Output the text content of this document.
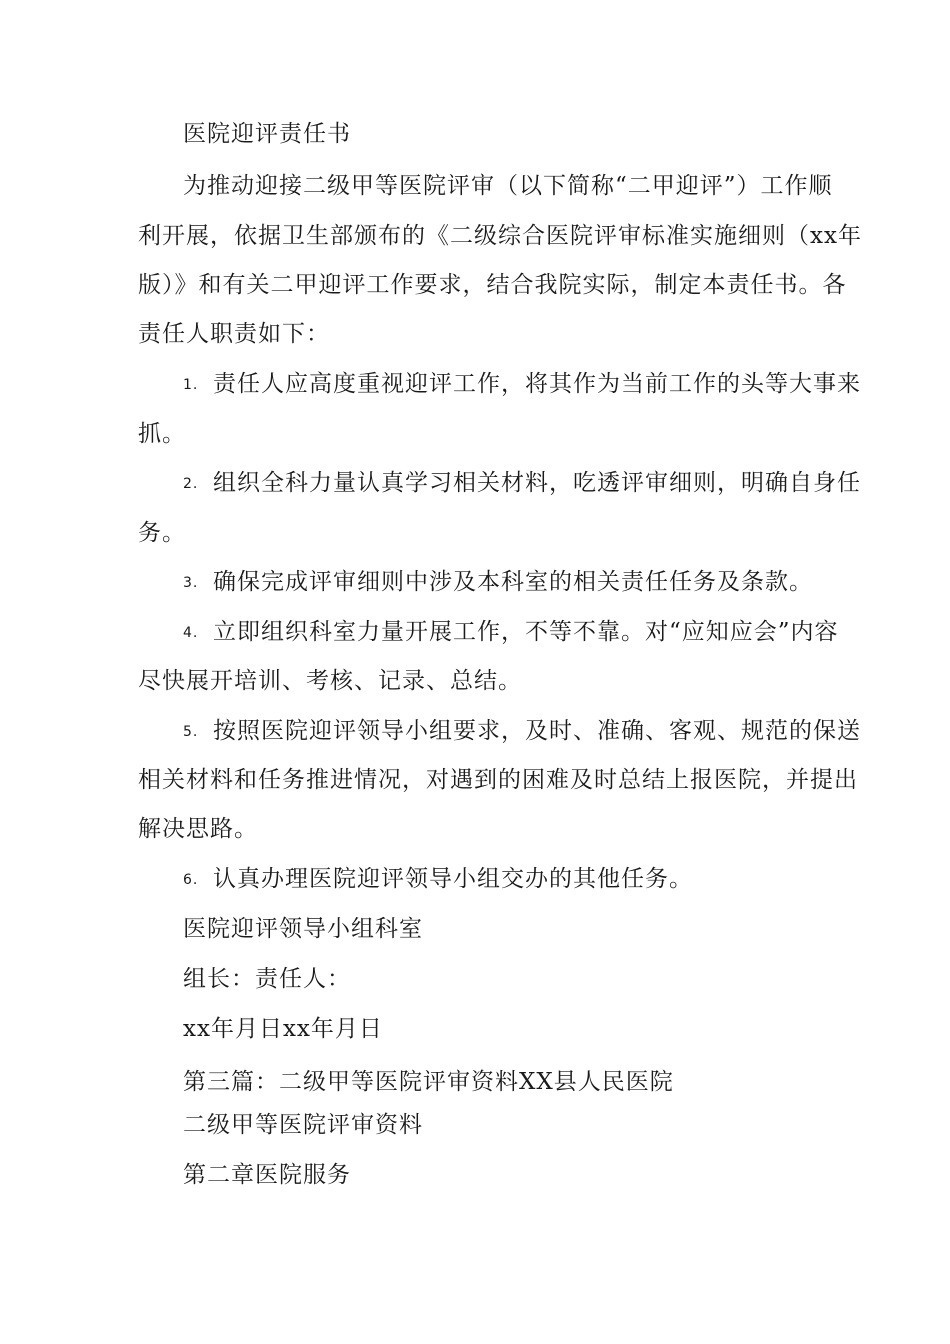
医院迎评责任书
为推动迎接二级甲等医院评审（以下简称“二甲迎评”）工作顺
利开展，依据卫生部颁布的《二级综合医院评审标准实施细则（xx年
版）》和有关二甲迎评工作要求，结合我院实际，制定本责任书。各
责任人职责如下：
1. 责任人应高度重视迎评工作，将其作为当前工作的头等大事来
抓。
2. 组织全科力量认真学习相关材料，吃透评审细则，明确自身任
务。
3. 确保完成评审细则中涉及本科室的相关责任任务及条款。
4. 立即组织科室力量开展工作，不等不靠。对“应知应会”内容
尽快展开培训、考核、记录、总结。
5. 按照医院迎评领导小组要求，及时、准确、客观、规范的保送
相关材料和任务推进情况，对遇到的困难及时总结上报医院，并提出
解决思路。
6. 认真办理医院迎评领导小组交办的其他任务。
医院迎评领导小组科室
组长：责任人：
xx年月日xx年月日
第三篇：二级甲等医院评审资料XX县人民医院
二级甲等医院评审资料
第二章医院服务
